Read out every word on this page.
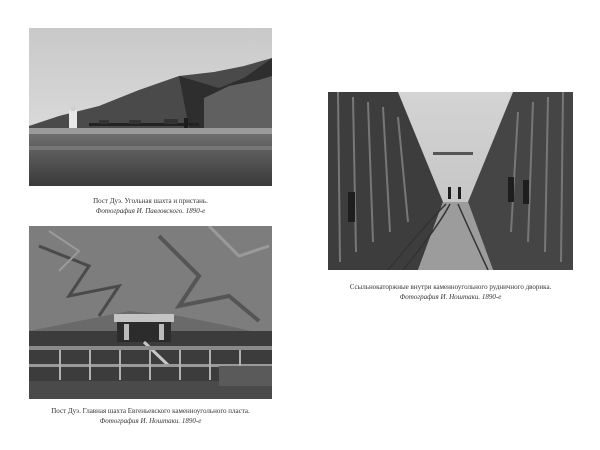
Пост Дуэ. Угольная шахта и пристань.
Фотография И. Павловского. 1890-е
Пост Дуэ. Главная шахта Евгеньевского каменноугольного пласта.
Фотография И. Ноштаки. 1890-е
Ссыльнокаторжные внутри каменноугольного рудничного дворика.
Фотография И. Ноштаки. 1890-е
